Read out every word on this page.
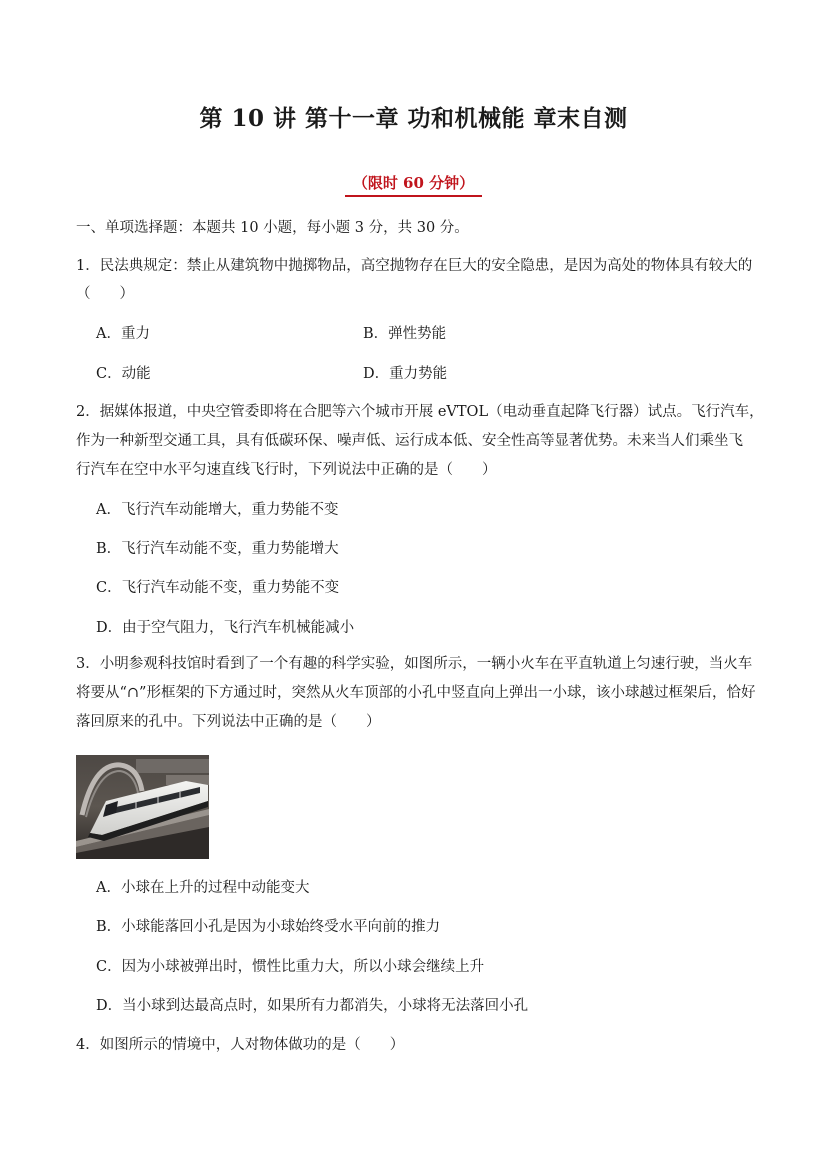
第 10 讲 第十一章 功和机械能 章末自测
（限时 60 分钟）
一、单项选择题：本题共 10 小题，每小题 3 分，共 30 分。
1．民法典规定：禁止从建筑物中抛掷物品，高空抛物存在巨大的安全隐患，是因为高处的物体具有较大的
（　　）
A．重力	B．弹性势能
C．动能	D．重力势能
2．据媒体报道，中央空管委即将在合肥等六个城市开展 eVTOL（电动垂直起降飞行器）试点。飞行汽车，
作为一种新型交通工具，具有低碳环保、噪声低、运行成本低、安全性高等显著优势。未来当人们乘坐飞
行汽车在空中水平匀速直线飞行时，下列说法中正确的是（　　）
A．飞行汽车动能增大，重力势能不变
B．飞行汽车动能不变，重力势能增大
C．飞行汽车动能不变，重力势能不变
D．由于空气阻力，飞行汽车机械能减小
3．小明参观科技馆时看到了一个有趣的科学实验，如图所示，一辆小火车在平直轨道上匀速行驶，当火车
将要从“∩”形框架的下方通过时，突然从火车顶部的小孔中竖直向上弹出一小球，该小球越过框架后，恰好
落回原来的孔中。下列说法中正确的是（　　）
A．小球在上升的过程中动能变大
B．小球能落回小孔是因为小球始终受水平向前的推力
C．因为小球被弹出时，惯性比重力大，所以小球会继续上升
D．当小球到达最高点时，如果所有力都消失，小球将无法落回小孔
4．如图所示的情境中，人对物体做功的是（　　）
